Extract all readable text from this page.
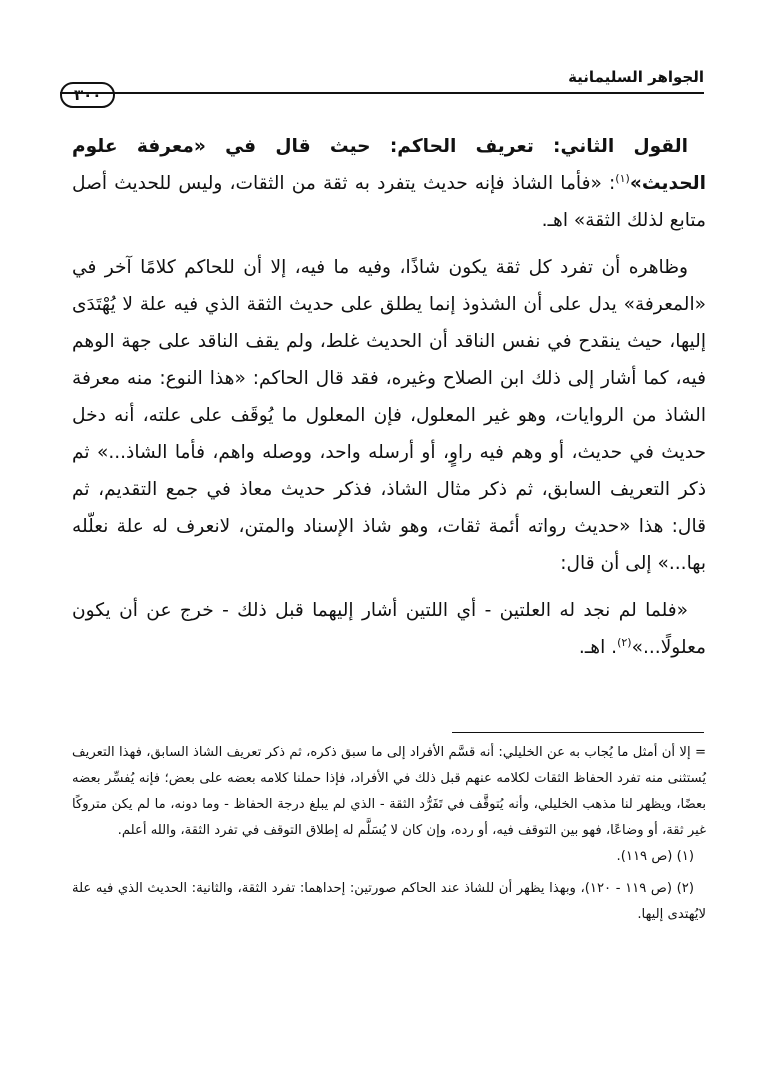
الجواهر السليمانية
٣٠٠

القول الثاني: تعريف الحاكم: حيث قال في «معرفة علوم الحديث»$^{(١)}$: «فأما الشاذ فإنه حديث يتفرد به ثقة من الثقات، وليس للحديث أصل متابع لذلك الثقة» اهـ.

وظاهره أن تفرد كل ثقة يكون شاذًا، وفيه ما فيه، إلا أن للحاكم كلامًا آخر في «المعرفة» يدل على أن الشذوذ إنما يطلق على حديث الثقة الذي فيه علة لا يُهْتَدَى إليها، حيث ينقدح في نفس الناقد أن الحديث غلط، ولم يقف الناقد على جهة الوهم فيه، كما أشار إلى ذلك ابن الصلاح وغيره، فقد قال الحاكم: «هذا النوع: منه معرفة الشاذ من الروايات، وهو غير المعلول، فإن المعلول ما يُوقَف على علته، أنه دخل حديث في حديث، أو وهم فيه راوٍ، أو أرسله واحد، ووصله واهم، فأما الشاذ...» ثم ذكر التعريف السابق، ثم ذكر مثال الشاذ، فذكر حديث معاذ في جمع التقديم، ثم قال: هذا «حديث رواته أئمة ثقات، وهو شاذ الإسناد والمتن، لانعرف له علة نعلّله بها...» إلى أن قال:

«فلما لم نجد له العلتين - أي اللتين أشار إليهما قبل ذلك - خرج عن أن يكون معلولًا...»$^{(٢)}$. اهـ.

= إلا أن أمثل ما يُجاب به عن الخليلي: أنه قسَّم الأفراد إلى ما سبق ذكره، ثم ذكر تعريف الشاذ السابق، فهذا التعريف يُستثنى منه تفرد الحفاظ الثقات لكلامه عنهم قبل ذلك في الأفراد، فإذا حملنا كلامه بعضه على بعض؛ فإنه يُفسِّر بعضه بعضًا، ويظهر لنا مذهب الخليلي، وأنه يُتوقَّف في تَفَرُّد الثقة - الذي لم يبلغ درجة الحفاظ - وما دونه، ما لم يكن متروكًا غير ثقة، أو وضاعًا، فهو بين التوقف فيه، أو رده، وإن كان لا يُسَلَّم له إطلاق التوقف في تفرد الثقة، والله أعلم.

(١) (ص ١١٩).

(٢) (ص ١١٩ - ١٢٠)، وبهذا يظهر أن للشاذ عند الحاكم صورتين: إحداهما: تفرد الثقة، والثانية: الحديث الذي فيه علة لايُهتدى إليها.
